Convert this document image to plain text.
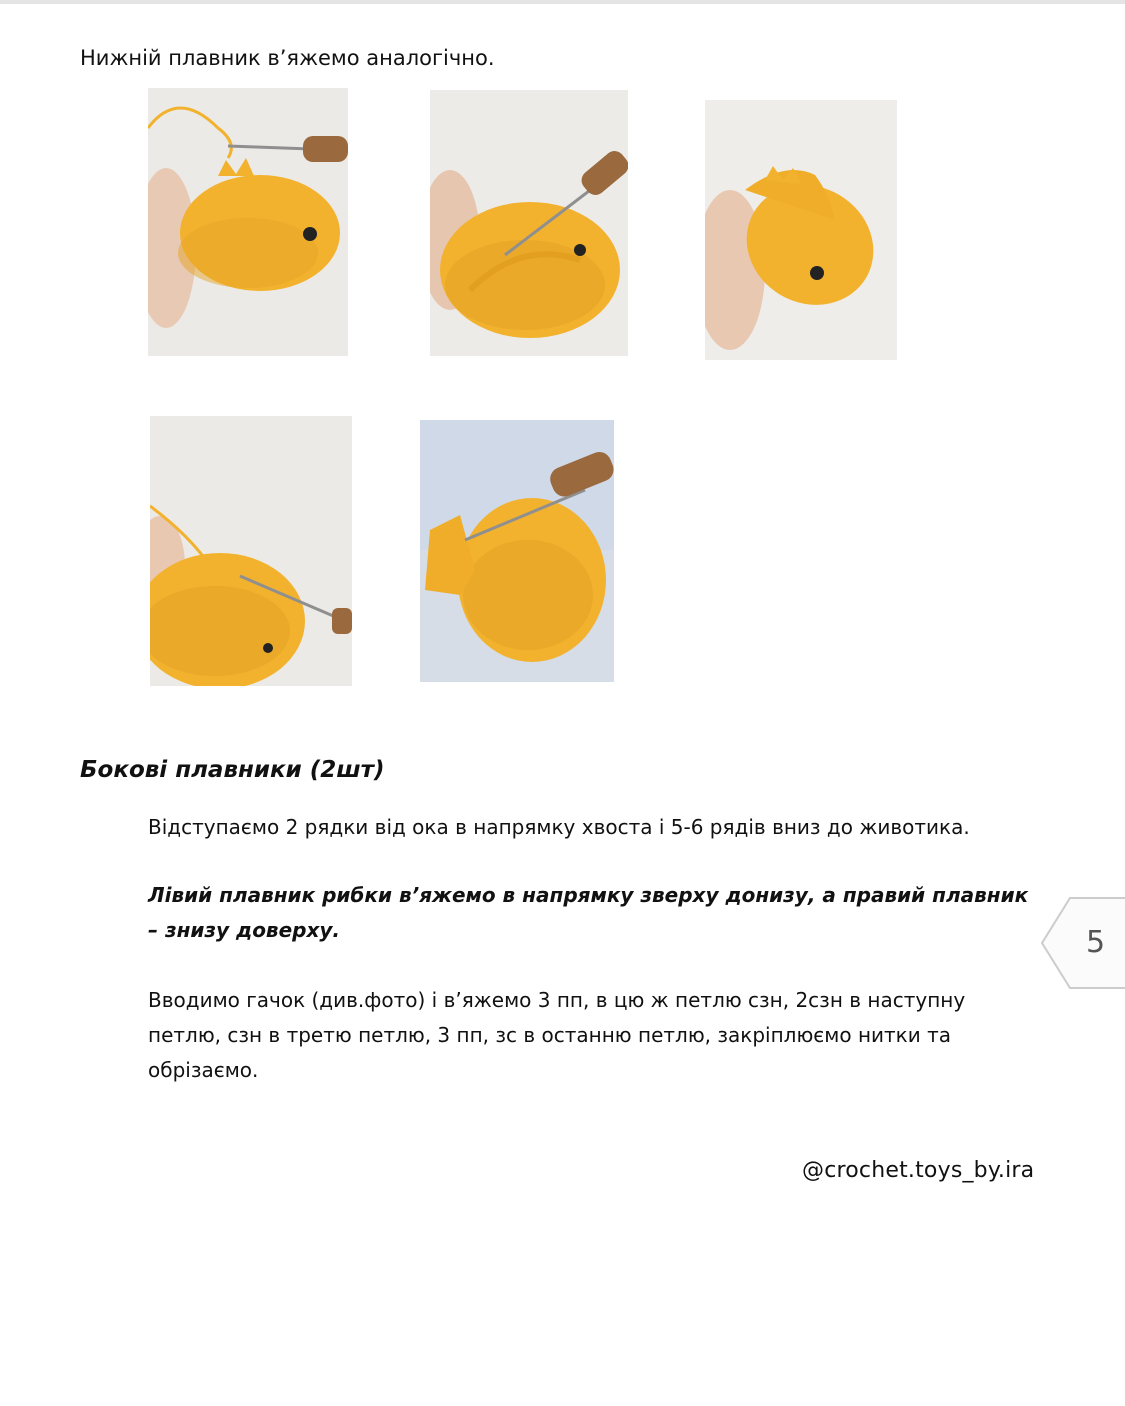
Нижній плавник в’яжемо аналогічно.
Бокові плавники (2шт)
Відступаємо 2 рядки від ока в напрямку хвоста і 5-6 рядів вниз до животика.
Лівий плавник рибки в’яжемо в напрямку зверху донизу, а правий плавник – знизу доверху.
Вводимо гачок (див.фото) і в’яжемо 3 пп, в цю ж петлю сзн, 2сзн в наступну петлю, сзн в третю петлю, 3 пп, зс в останню петлю, закріплюємо нитки та обрізаємо.
@crochet.toys_by.ira
5
